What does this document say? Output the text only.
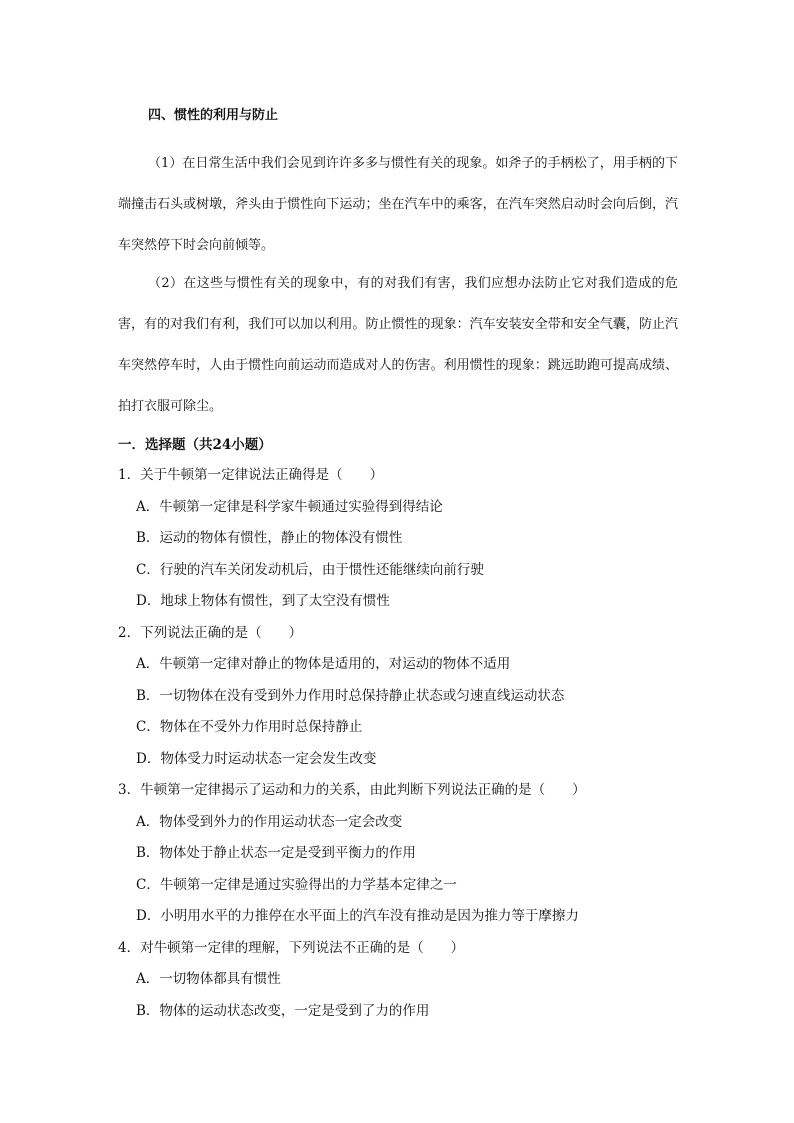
四、惯性的利用与防止
（1）在日常生活中我们会见到许许多多与惯性有关的现象。如斧子的手柄松了，用手柄的下端撞击石头或树墩，斧头由于惯性向下运动；坐在汽车中的乘客，在汽车突然启动时会向后倒，汽车突然停下时会向前倾等。
（2）在这些与惯性有关的现象中，有的对我们有害，我们应想办法防止它对我们造成的危害，有的对我们有利，我们可以加以利用。防止惯性的现象：汽车安装安全带和安全气囊，防止汽车突然停车时，人由于惯性向前运动而造成对人的伤害。利用惯性的现象：跳远助跑可提高成绩、拍打衣服可除尘。
一．选择题（共24小题）
1．关于牛顿第一定律说法正确得是（　　）
A．牛顿第一定律是科学家牛顿通过实验得到得结论
B．运动的物体有惯性，静止的物体没有惯性
C．行驶的汽车关闭发动机后，由于惯性还能继续向前行驶
D．地球上物体有惯性，到了太空没有惯性
2．下列说法正确的是（　　）
A．牛顿第一定律对静止的物体是适用的，对运动的物体不适用
B．一切物体在没有受到外力作用时总保持静止状态或匀速直线运动状态
C．物体在不受外力作用时总保持静止
D．物体受力时运动状态一定会发生改变
3．牛顿第一定律揭示了运动和力的关系，由此判断下列说法正确的是（　　）
A．物体受到外力的作用运动状态一定会改变
B．物体处于静止状态一定是受到平衡力的作用
C．牛顿第一定律是通过实验得出的力学基本定律之一
D．小明用水平的力推停在水平面上的汽车没有推动是因为推力等于摩擦力
4．对牛顿第一定律的理解，下列说法不正确的是（　　）
A．一切物体都具有惯性
B．物体的运动状态改变，一定是受到了力的作用
